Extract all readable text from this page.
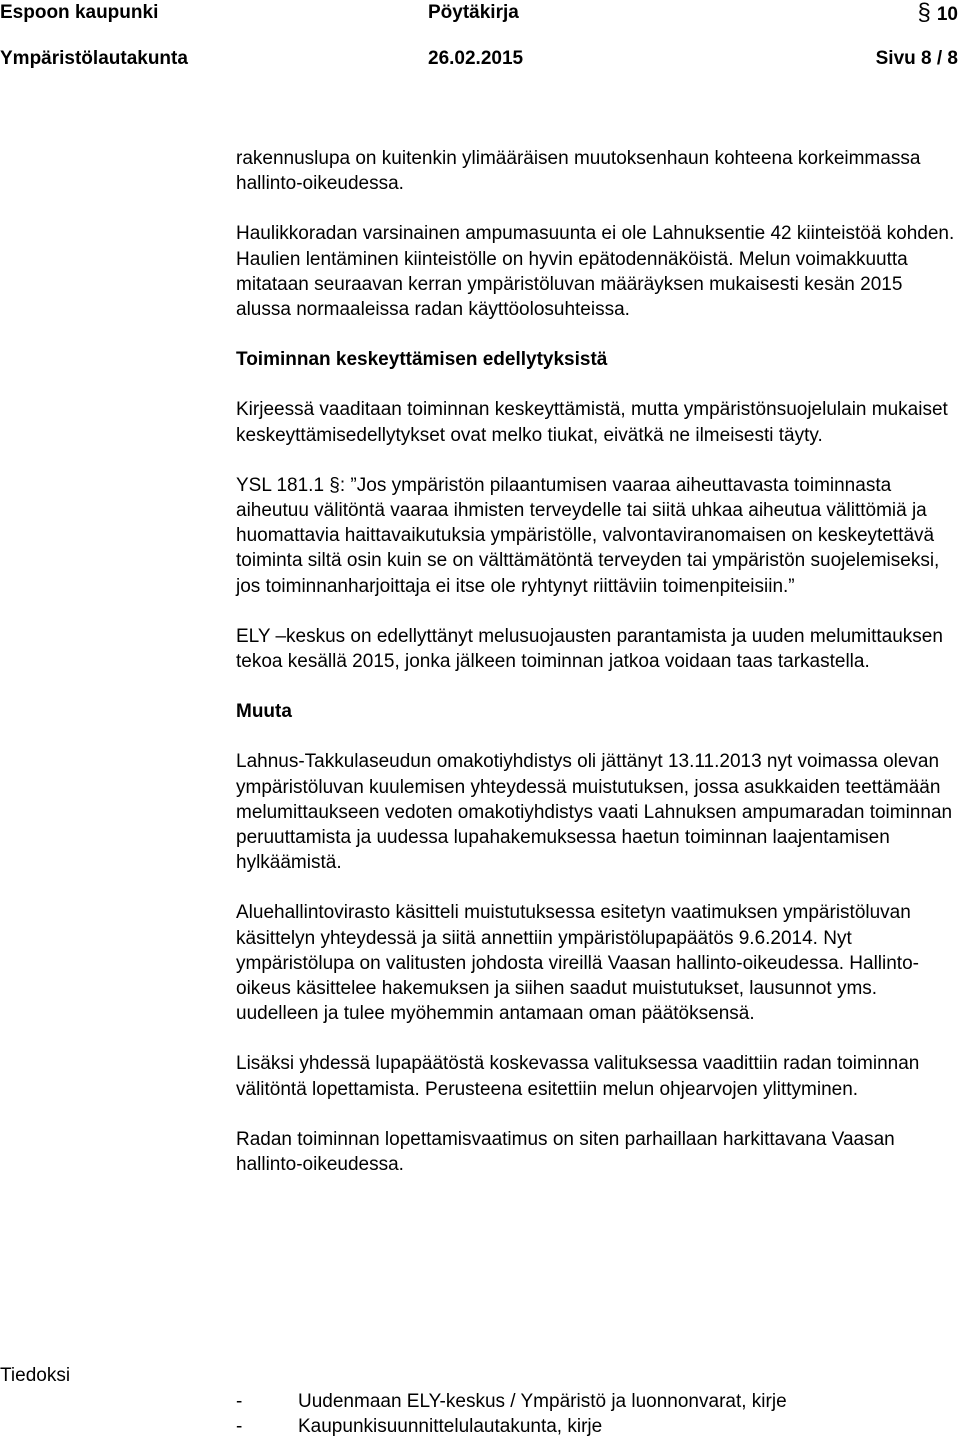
Espoon kaupunki	Pöytäkirja	§ 10
Ympäristölautakunta	26.02.2015	Sivu 8 / 8

rakennuslupa on kuitenkin ylimääräisen muutoksenhaun kohteena korkeimmassa hallinto-oikeudessa.

Haulikkoradan varsinainen ampumasuunta ei ole Lahnuksentie 42 kiinteistöä kohden. Haulien lentäminen kiinteistölle on hyvin epätodennäköistä. Melun voimakkuutta mitataan seuraavan kerran ympäristöluvan määräyksen mukaisesti kesän 2015 alussa normaaleissa radan käyttöolosuhteissa.

Toiminnan keskeyttämisen edellytyksistä

Kirjeessä vaaditaan toiminnan keskeyttämistä, mutta ympäristönsuojelulain mukaiset keskeyttämisedellytykset ovat melko tiukat, eivätkä ne ilmeisesti täyty.

YSL 181.1 §: ”Jos ympäristön pilaantumisen vaaraa aiheuttavasta toiminnasta aiheutuu välitöntä vaaraa ihmisten terveydelle tai siitä uhkaa aiheutua välittömiä ja huomattavia haittavaikutuksia ympäristölle, valvontaviranomaisen on keskeytettävä toiminta siltä osin kuin se on välttämätöntä terveyden tai ympäristön suojelemiseksi, jos toiminnanharjoittaja ei itse ole ryhtynyt riittäviin toimenpiteisiin.”

ELY –keskus on edellyttänyt melusuojausten parantamista ja uuden melumittauksen tekoa kesällä 2015, jonka jälkeen toiminnan jatkoa voidaan taas tarkastella.

Muuta

Lahnus-Takkulaseudun omakotiyhdistys oli jättänyt 13.11.2013 nyt voimassa olevan ympäristöluvan kuulemisen yhteydessä muistutuksen, jossa asukkaiden teettämään melumittaukseen vedoten omakotiyhdistys vaati Lahnuksen ampumaradan toiminnan peruuttamista ja uudessa lupahakemuksessa haetun toiminnan laajentamisen hylkäämistä.

Aluehallintovirasto käsitteli muistutuksessa esitetyn vaatimuksen ympäristöluvan käsittelyn yhteydessä ja siitä annettiin ympäristölupapäätös 9.6.2014. Nyt ympäristölupa on valitusten johdosta vireillä Vaasan hallinto-oikeudessa. Hallinto-oikeus käsittelee hakemuksen ja siihen saadut muistutukset, lausunnot yms. uudelleen ja tulee myöhemmin antamaan oman päätöksensä.

Lisäksi yhdessä lupapäätöstä koskevassa valituksessa vaadittiin radan toiminnan välitöntä lopettamista. Perusteena esitettiin melun ohjearvojen ylittyminen.

Radan toiminnan lopettamisvaatimus on siten parhaillaan harkittavana Vaasan hallinto-oikeudessa.

Tiedoksi
-	Uudenmaan ELY-keskus / Ympäristö ja luonnonvarat, kirje
-	Kaupunkisuunnittelulautakunta, kirje
